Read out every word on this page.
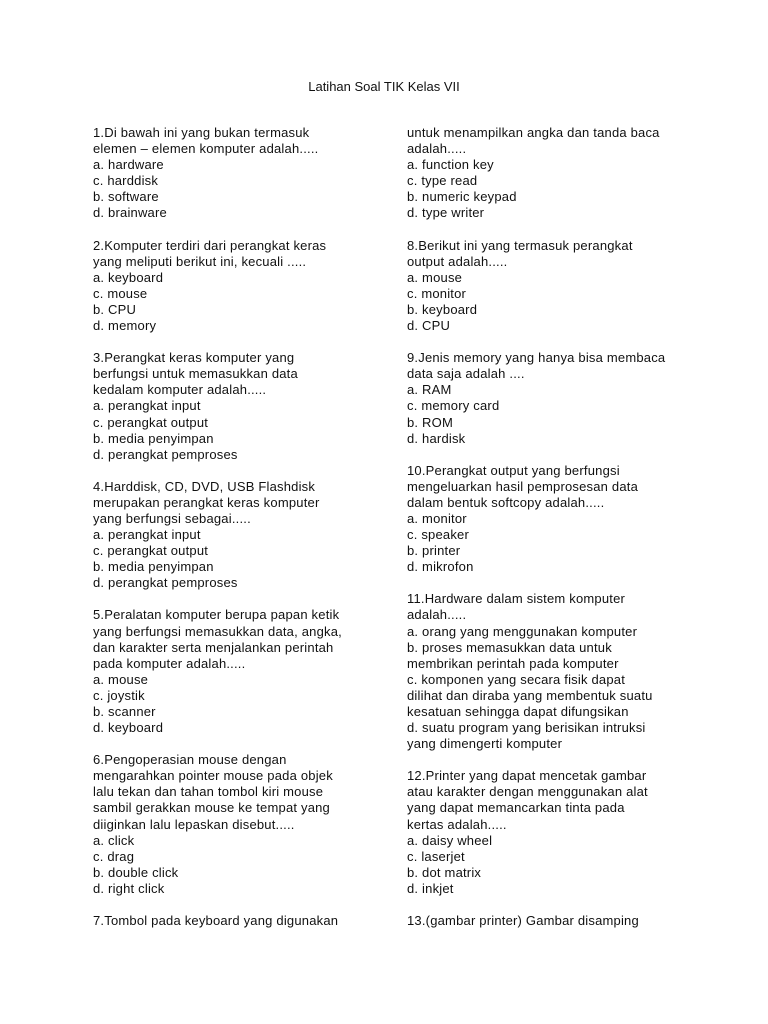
Latihan Soal TIK Kelas VII
1.Di bawah ini yang bukan termasuk
elemen – elemen komputer adalah.....
a. hardware
c. harddisk
b. software
d. brainware
2.Komputer terdiri dari perangkat keras
yang meliputi berikut ini, kecuali .....
a. keyboard
c. mouse
b. CPU
d. memory
3.Perangkat keras komputer yang
berfungsi untuk memasukkan data
kedalam komputer adalah.....
a. perangkat input
c. perangkat output
b. media penyimpan
d. perangkat pemproses
4.Harddisk, CD, DVD, USB Flashdisk
merupakan perangkat keras komputer
yang berfungsi sebagai.....
a. perangkat input
c. perangkat output
b. media penyimpan
d. perangkat pemproses
5.Peralatan komputer berupa papan ketik
yang berfungsi memasukkan data, angka,
dan karakter serta menjalankan perintah
pada komputer adalah.....
a. mouse
c. joystik
b. scanner
d. keyboard
6.Pengoperasian mouse dengan
mengarahkan pointer mouse pada objek
lalu tekan dan tahan tombol kiri mouse
sambil gerakkan mouse ke tempat yang
diiginkan lalu lepaskan disebut.....
a. click
c. drag
b. double click
d. right click
7.Tombol pada keyboard yang digunakan
untuk menampilkan angka dan tanda baca
adalah.....
a. function key
c. type read
b. numeric keypad
d. type writer
8.Berikut ini yang termasuk perangkat
output adalah.....
a. mouse
c. monitor
b. keyboard
d. CPU
9.Jenis memory yang hanya bisa membaca
data saja adalah ....
a. RAM
c. memory card
b. ROM
d. hardisk
10.Perangkat output yang berfungsi
mengeluarkan hasil pemprosesan data
dalam bentuk softcopy adalah.....
a. monitor
c. speaker
b. printer
d. mikrofon
11.Hardware dalam sistem komputer
adalah.....
a. orang yang menggunakan komputer
b. proses memasukkan data untuk
membrikan perintah pada komputer
c. komponen yang secara fisik dapat
dilihat dan diraba yang membentuk suatu
kesatuan sehingga dapat difungsikan
d. suatu program yang berisikan intruksi
yang dimengerti komputer
12.Printer yang dapat mencetak gambar
atau karakter dengan menggunakan alat
yang dapat memancarkan tinta pada
kertas adalah.....
a. daisy wheel
c. laserjet
b. dot matrix
d. inkjet
13.(gambar printer) Gambar disamping
